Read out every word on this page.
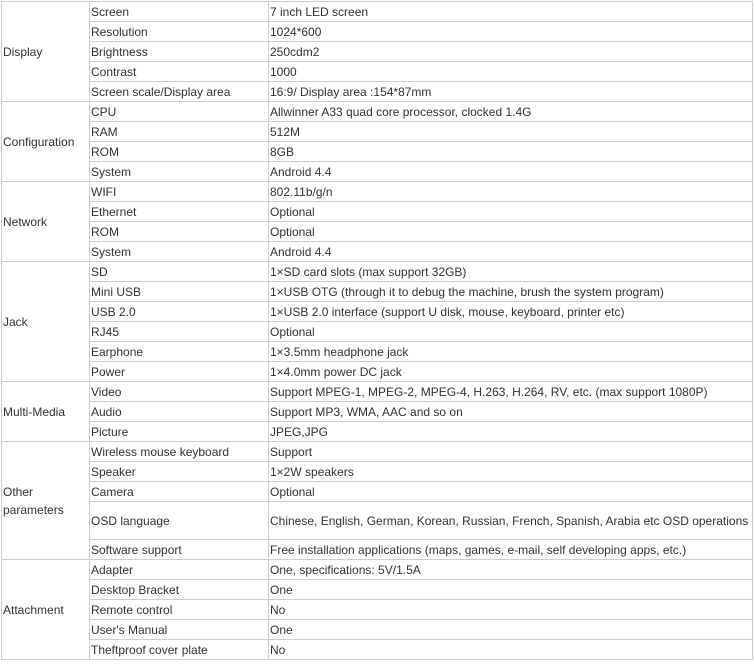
Display	Screen	7 inch LED screen
	Resolution	1024*600
	Brightness	250cdm2
	Contrast	1000
	Screen scale/Display area	16:9/ Display area :154*87mm
Configuration	CPU	Allwinner A33 quad core processor, clocked 1.4G
	RAM	512M
	ROM	8GB
	System	Android 4.4
Network	WIFI	802.11b/g/n
	Ethernet	Optional
	ROM	Optional
	System	Android 4.4
Jack	SD	1×SD card slots (max support 32GB)
	Mini USB	1×USB OTG (through it to debug the machine, brush the system program)
	USB 2.0	1×USB 2.0 interface (support U disk, mouse, keyboard, printer etc)
	RJ45	Optional
	Earphone	1×3.5mm headphone jack
	Power	1×4.0mm power DC jack
Multi-Media	Video	Support MPEG-1, MPEG-2, MPEG-4, H.263, H.264, RV, etc. (max support 1080P)
	Audio	Support MP3, WMA, AAC and so on
	Picture	JPEG,JPG
Other parameters	Wireless mouse keyboard	Support
	Speaker	1×2W speakers
	Camera	Optional
	OSD language	Chinese, English, German, Korean, Russian, French, Spanish, Arabia etc OSD operations
	Software support	Free installation applications (maps, games, e-mail, self developing apps, etc.)
Attachment	Adapter	One, specifications: 5V/1.5A
	Desktop Bracket	One
	Remote control	No
	User's Manual	One
	Theftproof cover plate	No
